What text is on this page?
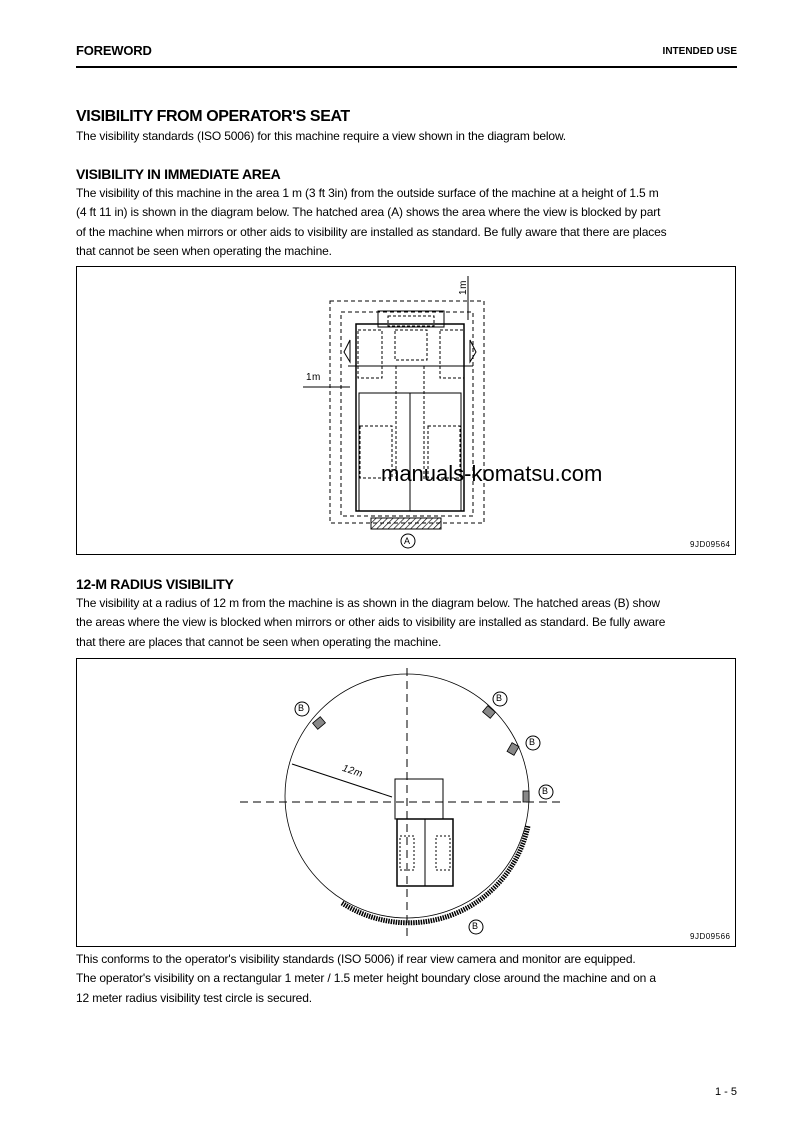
FOREWORD	INTENDED USE
VISIBILITY FROM OPERATOR'S SEAT
The visibility standards (ISO 5006) for this machine require a view shown in the diagram below.
VISIBILITY IN IMMEDIATE AREA
The visibility of this machine in the area 1 m (3 ft 3in) from the outside surface of the machine at a height of 1.5 m
(4 ft 11 in) is shown in the diagram below. The hatched area (A) shows the area where the view is blocked by part
of the machine when mirrors or other aids to visibility are installed as standard. Be fully aware that there are places
that cannot be seen when operating the machine.
A
1m
1m
9JD09564
manuals-komatsu.com
12-M RADIUS VISIBILITY
The visibility at a radius of 12 m from the machine is as shown in the diagram below. The hatched areas (B) show
the areas where the view is blocked when mirrors or other aids to visibility are installed as standard. Be fully aware
that there are places that cannot be seen when operating the machine.
B
B
B
B
B
12m
9JD09566
This conforms to the operator's visibility standards (ISO 5006) if rear view camera and monitor are equipped.
The operator's visibility on a rectangular 1 meter / 1.5 meter height boundary close around the machine and on a
12 meter radius visibility test circle is secured.
1 - 5
